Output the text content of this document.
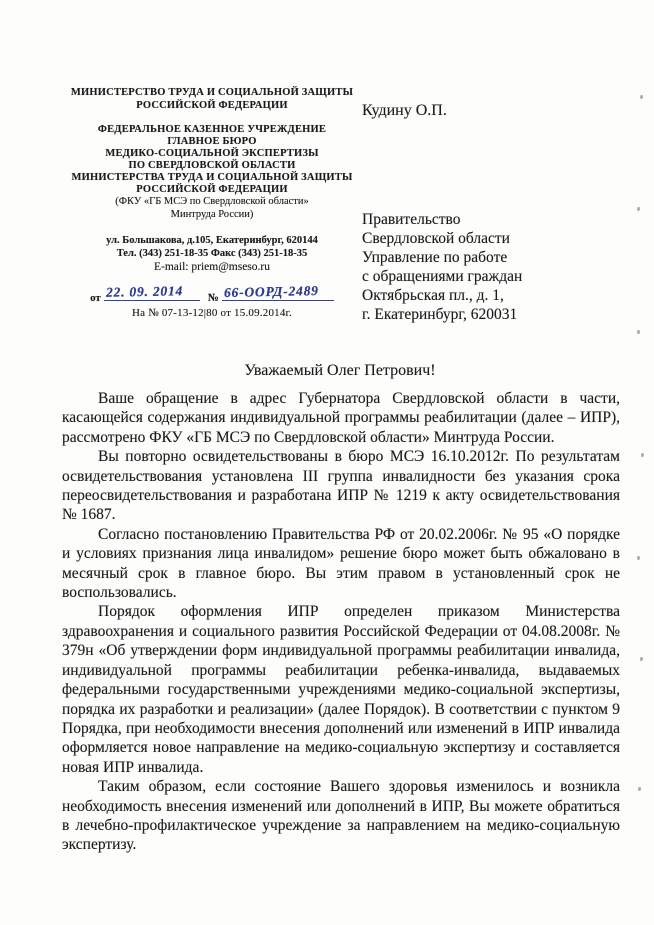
МИНИСТЕРСТВО ТРУДА И СОЦИАЛЬНОЙ ЗАЩИТЫ
РОССИЙСКОЙ ФЕДЕРАЦИИ
ФЕДЕРАЛЬНОЕ КАЗЕННОЕ УЧРЕЖДЕНИЕ
ГЛАВНОЕ БЮРО
МЕДИКО-СОЦИАЛЬНОЙ ЭКСПЕРТИЗЫ
ПО СВЕРДЛОВСКОЙ ОБЛАСТИ
МИНИСТЕРСТВА ТРУДА И СОЦИАЛЬНОЙ ЗАЩИТЫ
РОССИЙСКОЙ ФЕДЕРАЦИИ
(ФКУ «ГБ МСЭ по Свердловской области»
Минтруда России)
ул. Большакова, д.105, Екатеринбург, 620144
Тел. (343) 251-18-35 Факс (343) 251-18-35
E-mail: priem@mseso.ru
от 22. 09. 2014 № 66-ООРД-2489
На № 07-13-12|80 от 15.09.2014г.
Кудину О.П.
Правительство
Свердловской области
Управление по работе
с обращениями граждан
Октябрьская пл., д. 1,
г. Екатеринбург, 620031
Уважаемый Олег Петрович!

Ваше обращение в адрес Губернатора Свердловской области в части, касающейся содержания индивидуальной программы реабилитации (далее – ИПР), рассмотрено ФКУ «ГБ МСЭ по Свердловской области» Минтруда России.

Вы повторно освидетельствованы в бюро МСЭ 16.10.2012г. По результатам освидетельствования установлена III группа инвалидности без указания срока переосвидетельствования и разработана ИПР № 1219 к акту освидетельствования № 1687.

Согласно постановлению Правительства РФ от 20.02.2006г. № 95 «О порядке и условиях признания лица инвалидом» решение бюро может быть обжаловано в месячный срок в главное бюро. Вы этим правом в установленный срок не воспользовались.

Порядок оформления ИПР определен приказом Министерства здравоохранения и социального развития Российской Федерации от 04.08.2008г. № 379н «Об утверждении форм индивидуальной программы реабилитации инвалида, индивидуальной программы реабилитации ребенка-инвалида, выдаваемых федеральными государственными учреждениями медико-социальной экспертизы, порядка их разработки и реализации» (далее Порядок). В соответствии с пунктом 9 Порядка, при необходимости внесения дополнений или изменений в ИПР инвалида оформляется новое направление на медико-социальную экспертизу и составляется новая ИПР инвалида.

Таким образом, если состояние Вашего здоровья изменилось и возникла необходимость внесения изменений или дополнений в ИПР, Вы можете обратиться в лечебно-профилактическое учреждение за направлением на медико-социальную экспертизу.
